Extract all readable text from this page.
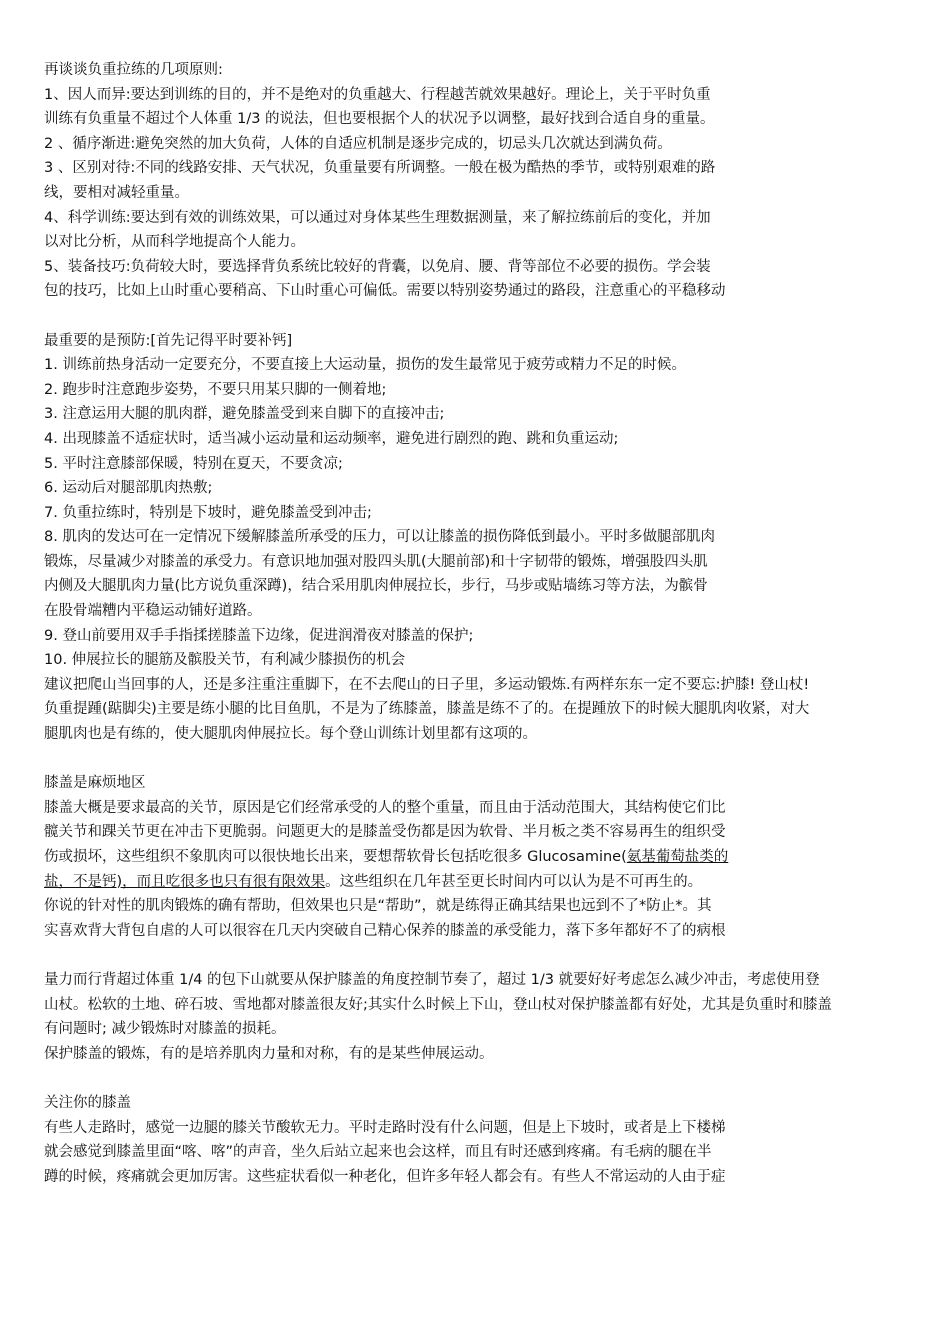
再谈谈负重拉练的几项原则:
1、因人而异:要达到训练的目的，并不是绝对的负重越大、行程越苦就效果越好。理论上，关于平时负重
训练有负重量不超过个人体重 1/3 的说法，但也要根据个人的状况予以调整，最好找到合适自身的重量。
2 、循序渐进:避免突然的加大负荷，人体的自适应机制是逐步完成的，切忌头几次就达到满负荷。
3 、区别对待:不同的线路安排、天气状况，负重量要有所调整。一般在极为酷热的季节，或特别艰难的路
线，要相对减轻重量。
4、科学训练:要达到有效的训练效果，可以通过对身体某些生理数据测量，来了解拉练前后的变化，并加
以对比分析，从而科学地提高个人能力。
5、装备技巧:负荷较大时，要选择背负系统比较好的背囊，以免肩、腰、背等部位不必要的损伤。学会装
包的技巧，比如上山时重心要稍高、下山时重心可偏低。需要以特别姿势通过的路段，注意重心的平稳移动
最重要的是预防:[首先记得平时要补钙]
1. 训练前热身活动一定要充分，不要直接上大运动量，损伤的发生最常见于疲劳或精力不足的时候。
2. 跑步时注意跑步姿势，不要只用某只脚的一侧着地;
3. 注意运用大腿的肌肉群，避免膝盖受到来自脚下的直接冲击;
4. 出现膝盖不适症状时，适当减小运动量和运动频率，避免进行剧烈的跑、跳和负重运动;
5. 平时注意膝部保暖，特别在夏天，不要贪凉;
6. 运动后对腿部肌肉热敷;
7. 负重拉练时，特别是下坡时，避免膝盖受到冲击;
8. 肌肉的发达可在一定情况下缓解膝盖所承受的压力，可以让膝盖的损伤降低到最小。平时多做腿部肌肉
锻炼，尽量减少对膝盖的承受力。有意识地加强对股四头肌(大腿前部)和十字韧带的锻炼，增强股四头肌
内侧及大腿肌肉力量(比方说负重深蹲)，结合采用肌肉伸展拉长，步行，马步或贴墙练习等方法，为髌骨
在股骨端糟内平稳运动铺好道路。
9. 登山前要用双手手指揉搓膝盖下边缘，促进润滑夜对膝盖的保护;
10. 伸展拉长的腿筋及髌股关节，有利减少膝损伤的机会
建议把爬山当回事的人，还是多注重注重脚下，在不去爬山的日子里，多运动锻炼.有两样东东一定不要忘:护膝! 登山杖!
负重提踵(踮脚尖)主要是练小腿的比目鱼肌，不是为了练膝盖，膝盖是练不了的。在提踵放下的时候大腿肌肉收紧，对大
腿肌肉也是有练的，使大腿肌肉伸展拉长。每个登山训练计划里都有这项的。
膝盖是麻烦地区
膝盖大概是要求最高的关节，原因是它们经常承受的人的整个重量，而且由于活动范围大，其结构使它们比
髋关节和踝关节更在冲击下更脆弱。问题更大的是膝盖受伤都是因为软骨、半月板之类不容易再生的组织受
伤或损坏，这些组织不象肌肉可以很快地长出来，要想帮软骨长包括吃很多 Glucosamine(氨基葡萄盐类的
盐，不是钙)，而且吃很多也只有很有限效果。这些组织在几年甚至更长时间内可以认为是不可再生的。
你说的针对性的肌肉锻炼的确有帮助，但效果也只是“帮助”，就是练得正确其结果也远到不了*防止*。其
实喜欢背大背包自虐的人可以很容在几天内突破自己精心保养的膝盖的承受能力，落下多年都好不了的病根
量力而行背超过体重 1/4 的包下山就要从保护膝盖的角度控制节奏了，超过 1/3 就要好好考虑怎么减少冲击，考虑使用登
山杖。松软的土地、碎石坡、雪地都对膝盖很友好;其实什么时候上下山，登山杖对保护膝盖都有好处，尤其是负重时和膝盖
有问题时; 减少锻炼时对膝盖的损耗。
保护膝盖的锻炼，有的是培养肌肉力量和对称，有的是某些伸展运动。
关注你的膝盖
有些人走路时，感觉一边腿的膝关节酸软无力。平时走路时没有什么问题，但是上下坡时，或者是上下楼梯
就会感觉到膝盖里面“喀、喀”的声音，坐久后站立起来也会这样，而且有时还感到疼痛。有毛病的腿在半
蹲的时候，疼痛就会更加厉害。这些症状看似一种老化，但许多年轻人都会有。有些人不常运动的人由于症
